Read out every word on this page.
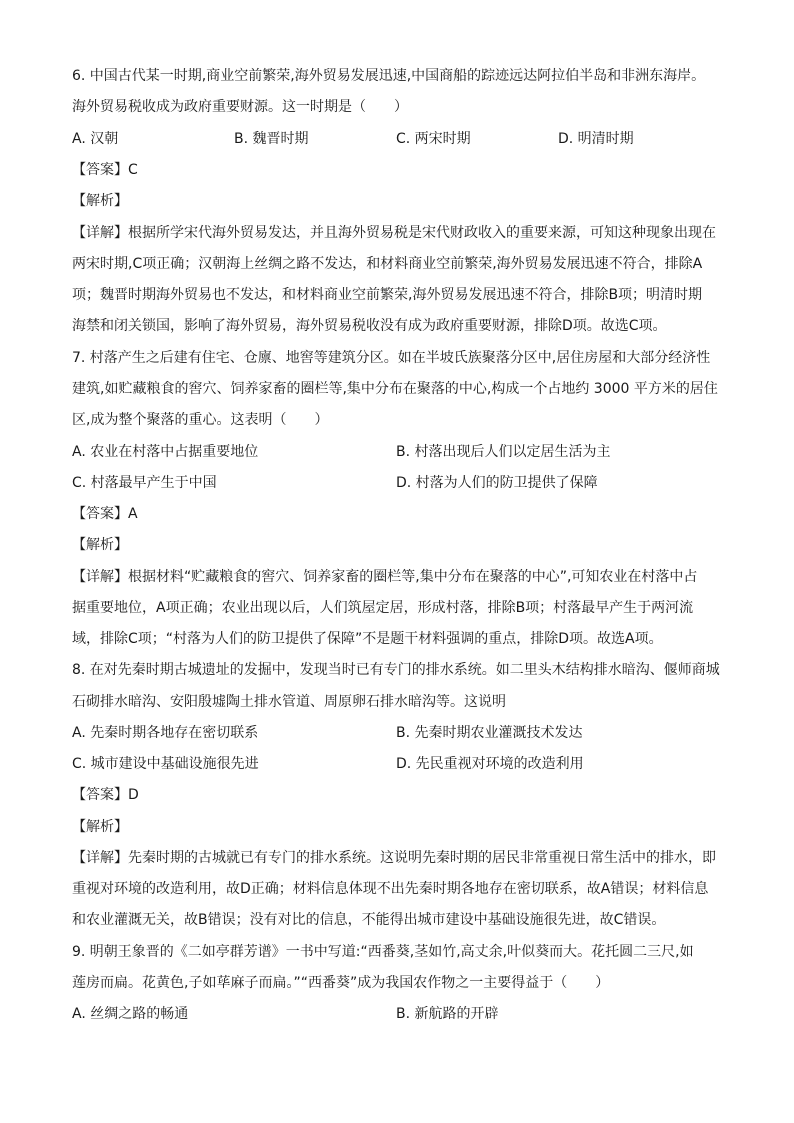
6. 中国古代某一时期,商业空前繁荣,海外贸易发展迅速,中国商船的踪迹远达阿拉伯半岛和非洲东海岸。
海外贸易税收成为政府重要财源。这一时期是（　　）
A. 汉朝	B. 魏晋时期	C. 两宋时期	D. 明清时期
【答案】C
【解析】
【详解】根据所学宋代海外贸易发达，并且海外贸易税是宋代财政收入的重要来源，可知这种现象出现在
两宋时期,C项正确；汉朝海上丝绸之路不发达，和材料商业空前繁荣,海外贸易发展迅速不符合，排除A
项；魏晋时期海外贸易也不发达，和材料商业空前繁荣,海外贸易发展迅速不符合，排除B项；明清时期
海禁和闭关锁国，影响了海外贸易，海外贸易税收没有成为政府重要财源，排除D项。故选C项。
7. 村落产生之后建有住宅、仓廪、地窖等建筑分区。如在半坡氏族聚落分区中,居住房屋和大部分经济性
建筑,如贮藏粮食的窖穴、饲养家畜的圈栏等,集中分布在聚落的中心,构成一个占地约 3000 平方米的居住
区,成为整个聚落的重心。这表明（　　）
A. 农业在村落中占据重要地位	B. 村落出现后人们以定居生活为主
C. 村落最早产生于中国	D. 村落为人们的防卫提供了保障
【答案】A
【解析】
【详解】根据材料“贮藏粮食的窖穴、饲养家畜的圈栏等,集中分布在聚落的中心”,可知农业在村落中占
据重要地位，A项正确；农业出现以后，人们筑屋定居，形成村落，排除B项；村落最早产生于两河流
域，排除C项；“村落为人们的防卫提供了保障”不是题干材料强调的重点，排除D项。故选A项。
8. 在对先秦时期古城遗址的发掘中，发现当时已有专门的排水系统。如二里头木结构排水暗沟、偃师商城
石砌排水暗沟、安阳殷墟陶土排水管道、周原卵石排水暗沟等。这说明
A. 先秦时期各地存在密切联系	B. 先秦时期农业灌溉技术发达
C. 城市建设中基础设施很先进	D. 先民重视对环境的改造利用
【答案】D
【解析】
【详解】先秦时期的古城就已有专门的排水系统。这说明先秦时期的居民非常重视日常生活中的排水，即
重视对环境的改造利用，故D正确；材料信息体现不出先秦时期各地存在密切联系，故A错误；材料信息
和农业灌溉无关，故B错误；没有对比的信息，不能得出城市建设中基础设施很先进，故C错误。
9. 明朝王象晋的《二如亭群芳谱》一书中写道:“西番葵,茎如竹,高丈余,叶似葵而大。花托圆二三尺,如
莲房而扁。花黄色,子如荜麻子而扁。”“西番葵”成为我国农作物之一主要得益于（　　）
A. 丝绸之路的畅通	B. 新航路的开辟
